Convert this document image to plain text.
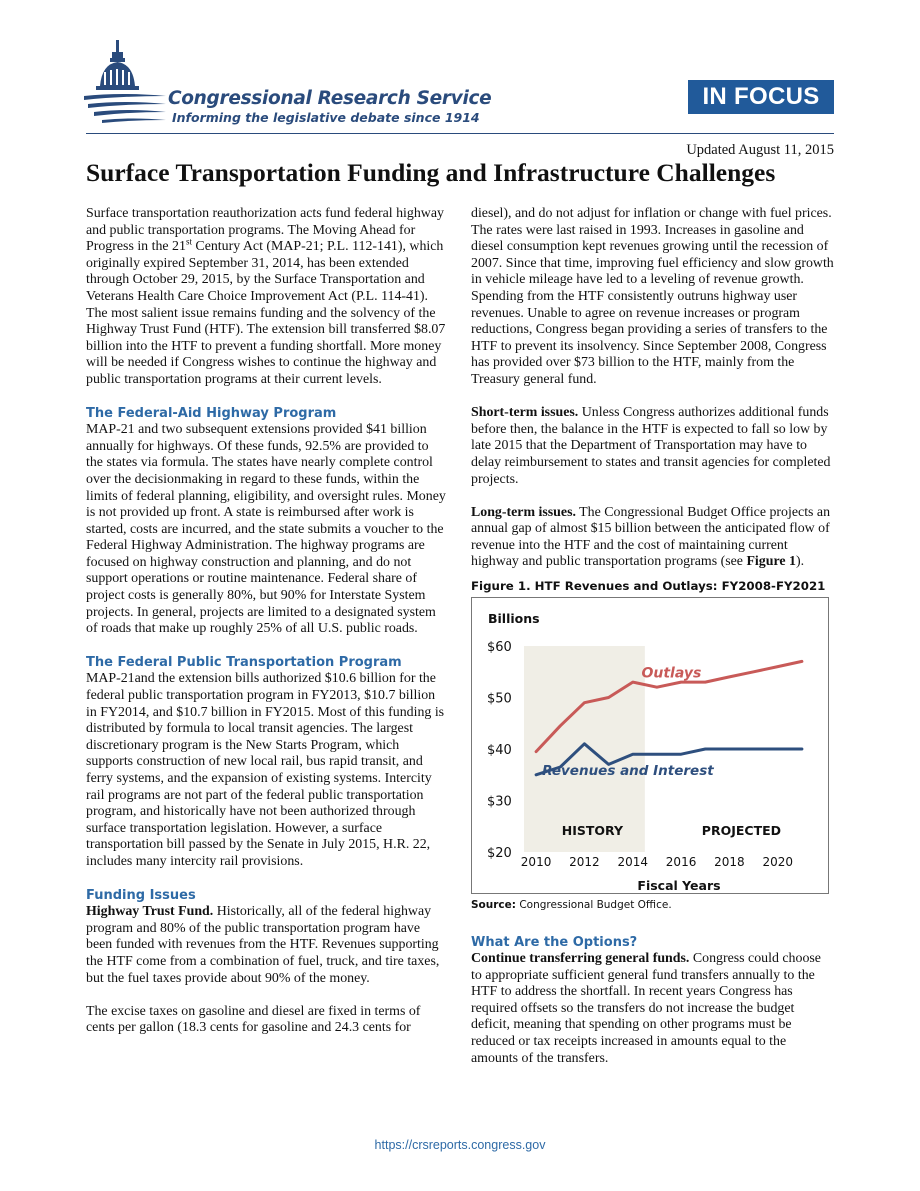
Congressional Research Service
Informing the legislative debate since 1914
IN FOCUS
Updated August 11, 2015
Surface Transportation Funding and Infrastructure Challenges

Surface transportation reauthorization acts fund federal highway and public transportation programs. The Moving Ahead for Progress in the 21st Century Act (MAP-21; P.L. 112-141), which originally expired September 31, 2014, has been extended through October 29, 2015, by the Surface Transportation and Veterans Health Care Choice Improvement Act (P.L. 114-41). The most salient issue remains funding and the solvency of the Highway Trust Fund (HTF). The extension bill transferred $8.07 billion into the HTF to prevent a funding shortfall. More money will be needed if Congress wishes to continue the highway and public transportation programs at their current levels.

The Federal-Aid Highway Program

MAP-21 and two subsequent extensions provided $41 billion annually for highways. Of these funds, 92.5% are provided to the states via formula. The states have nearly complete control over the decisionmaking in regard to these funds, within the limits of federal planning, eligibility, and oversight rules. Money is not provided up front. A state is reimbursed after work is started, costs are incurred, and the state submits a voucher to the Federal Highway Administration. The highway programs are focused on highway construction and planning, and do not support operations or routine maintenance. Federal share of project costs is generally 80%, but 90% for Interstate System projects. In general, projects are limited to a designated system of roads that make up roughly 25% of all U.S. public roads.

The Federal Public Transportation Program

MAP-21and the extension bills authorized $10.6 billion for the federal public transportation program in FY2013, $10.7 billion in FY2014, and $10.7 billion in FY2015. Most of this funding is distributed by formula to local transit agencies. The largest discretionary program is the New Starts Program, which supports construction of new local rail, bus rapid transit, and ferry systems, and the expansion of existing systems. Intercity rail programs are not part of the federal public transportation program, and historically have not been authorized through surface transportation legislation. However, a surface transportation bill passed by the Senate in July 2015, H.R. 22, includes many intercity rail provisions.

Funding Issues

Highway Trust Fund. Historically, all of the federal highway program and 80% of the public transportation program have been funded with revenues from the HTF. Revenues supporting the HTF come from a combination of fuel, truck, and tire taxes, but the fuel taxes provide about 90% of the money.

The excise taxes on gasoline and diesel are fixed in terms of cents per gallon (18.3 cents for gasoline and 24.3 cents for

diesel), and do not adjust for inflation or change with fuel prices. The rates were last raised in 1993. Increases in gasoline and diesel consumption kept revenues growing until the recession of 2007. Since that time, improving fuel efficiency and slow growth in vehicle mileage have led to a leveling of revenue growth. Spending from the HTF consistently outruns highway user revenues. Unable to agree on revenue increases or program reductions, Congress began providing a series of transfers to the HTF to prevent its insolvency. Since September 2008, Congress has provided over $73 billion to the HTF, mainly from the Treasury general fund.

Short-term issues. Unless Congress authorizes additional funds before then, the balance in the HTF is expected to fall so low by late 2015 that the Department of Transportation may have to delay reimbursement to states and transit agencies for completed projects.

Long-term issues. The Congressional Budget Office projects an annual gap of almost $15 billion between the anticipated flow of revenue into the HTF and the cost of maintaining current highway and public transportation programs (see Figure 1).

Figure 1. HTF Revenues and Outlays: FY2008-FY2021
Billions
$20
$30
$40
$50
$60
2010 2012 2014 2016 2018 2020
Fiscal Years
HISTORY	PROJECTED
Outlays
Revenues and Interest
Source: Congressional Budget Office.
What Are the Options?

Continue transferring general funds. Congress could choose to appropriate sufficient general fund transfers annually to the HTF to address the shortfall. In recent years Congress has required offsets so the transfers do not increase the budget deficit, meaning that spending on other programs must be reduced or tax receipts increased in amounts equal to the amounts of the transfers.

https://crsreports.congress.gov
